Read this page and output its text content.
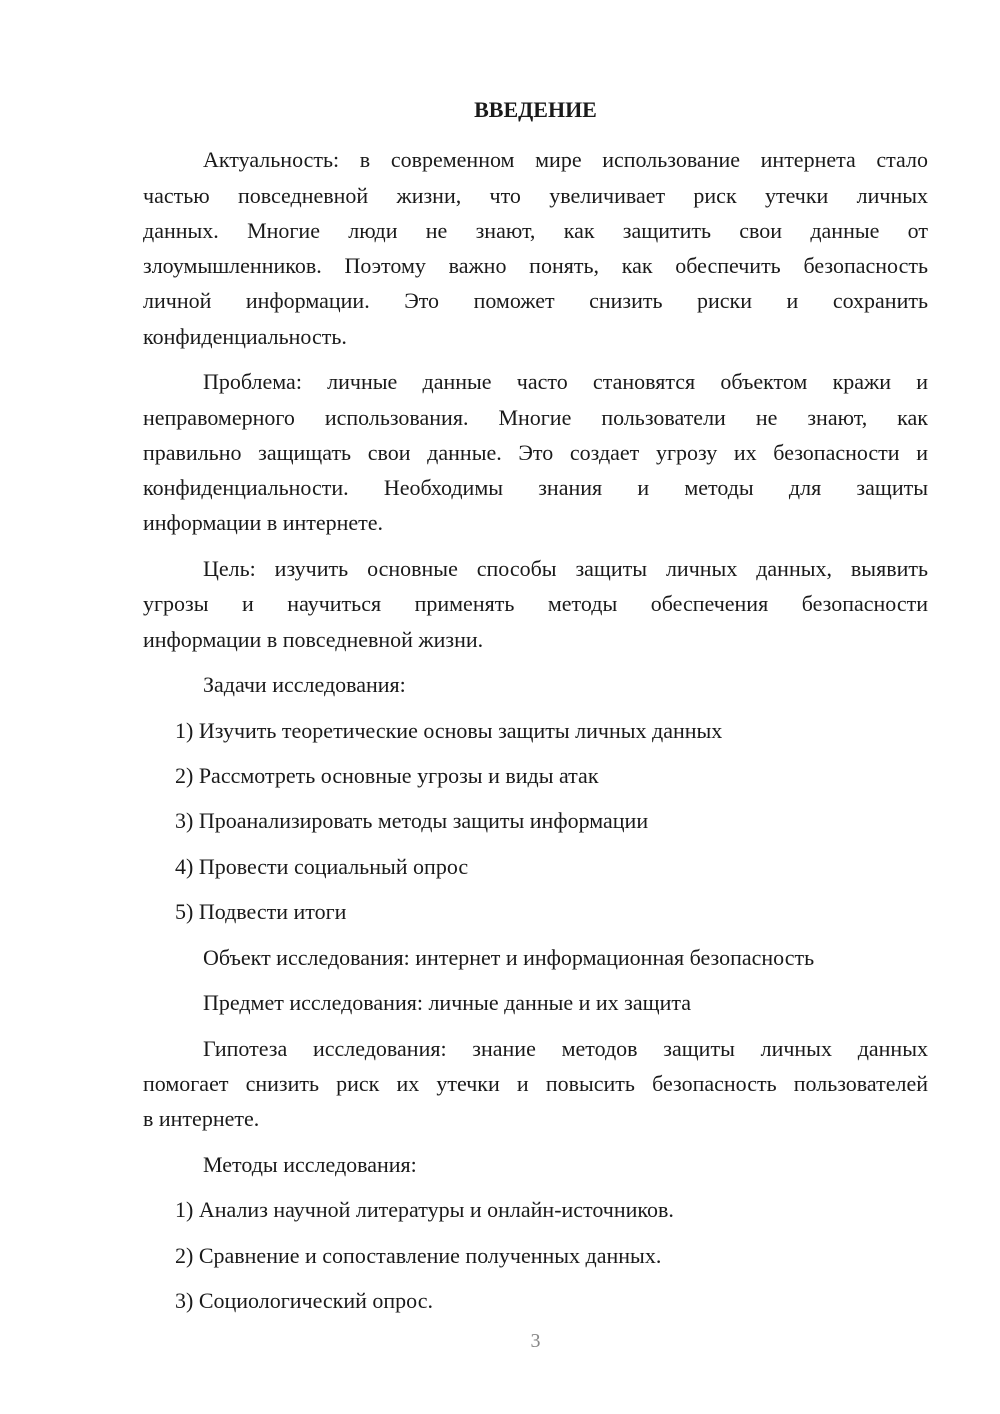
ВВЕДЕНИЕ
Актуальность: в современном мире использование интернета стало
частью повседневной жизни, что увеличивает риск утечки личных
данных. Многие люди не знают, как защитить свои данные от
злоумышленников. Поэтому важно понять, как обеспечить безопасность
личной информации. Это поможет снизить риски и сохранить
конфиденциальность.
Проблема: личные данные часто становятся объектом кражи и
неправомерного использования. Многие пользователи не знают, как
правильно защищать свои данные. Это создает угрозу их безопасности и
конфиденциальности. Необходимы знания и методы для защиты
информации в интернете.
Цель: изучить основные способы защиты личных данных, выявить
угрозы и научиться применять методы обеспечения безопасности
информации в повседневной жизни.
Задачи исследования:
1) Изучить теоретические основы защиты личных данных
2) Рассмотреть основные угрозы и виды атак
3) Проанализировать методы защиты информации
4) Провести социальный опрос
5) Подвести итоги
Объект исследования: интернет и информационная безопасность
Предмет исследования: личные данные и их защита
Гипотеза исследования: знание методов защиты личных данных
помогает снизить риск их утечки и повысить безопасность пользователей
в интернете.
Методы исследования:
1) Анализ научной литературы и онлайн-источников.
2) Сравнение и сопоставление полученных данных.
3) Социологический опрос.
3
